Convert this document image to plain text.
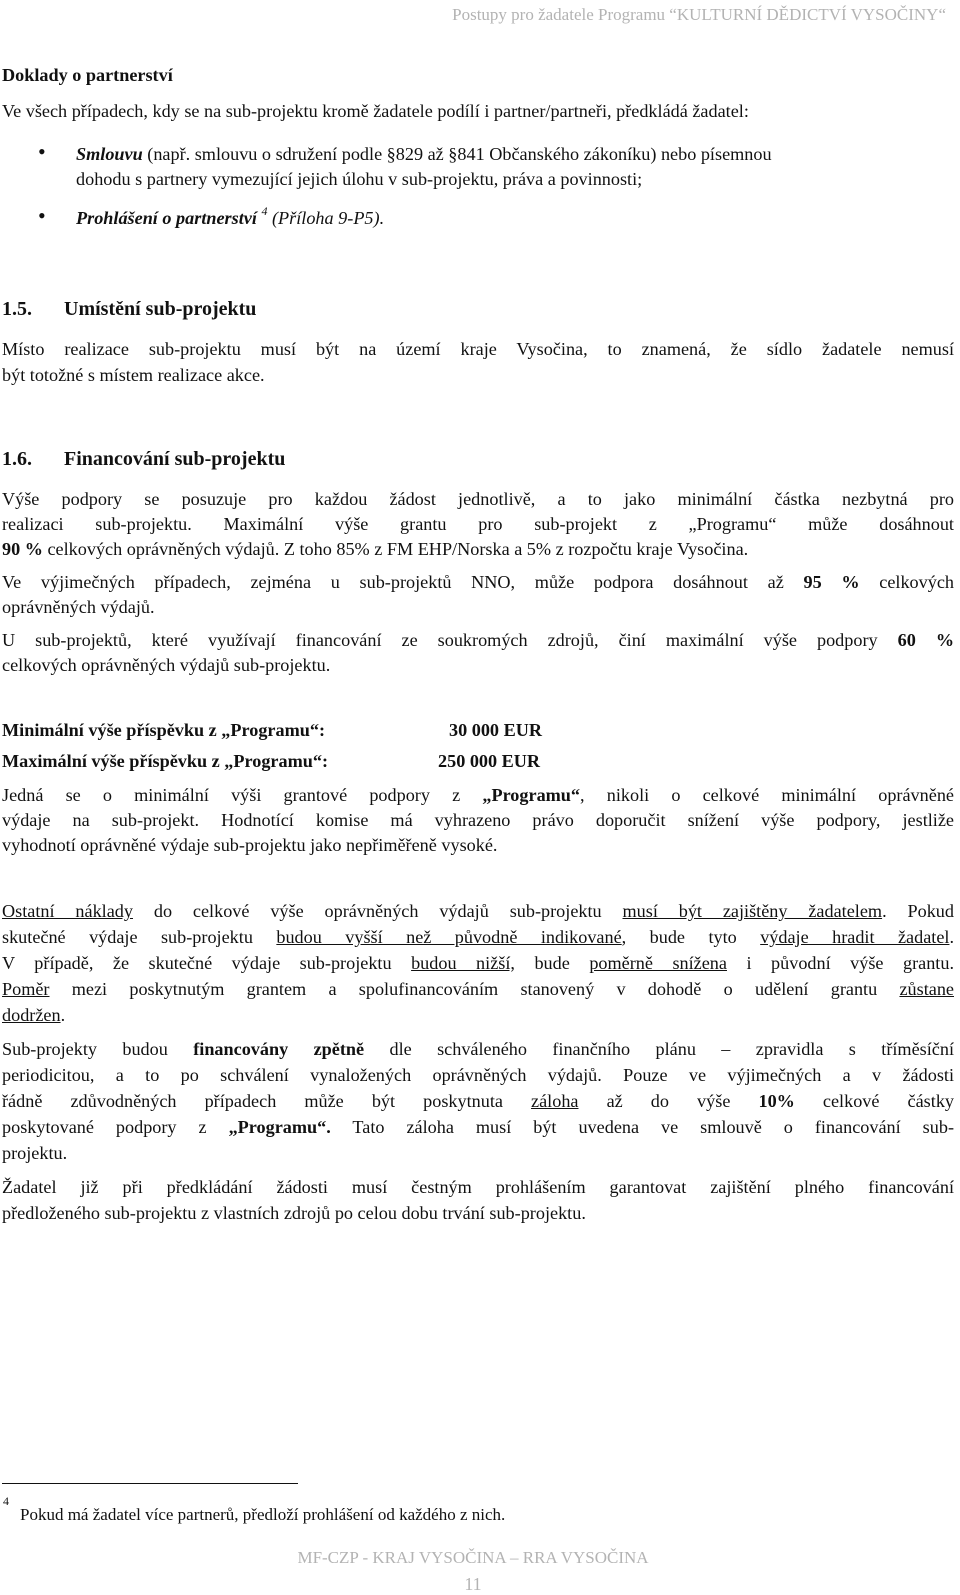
Postupy pro žadatele Programu “KULTURNÍ DĚDICTVÍ VYSOČINY“
Doklady o partnerství
Ve všech případech, kdy se na sub-projektu kromě žadatele podílí i partner/partneři, předkládá žadatel:
• Smlouvu (např. smlouvu o sdružení podle §829 až §841 Občanského zákoníku) nebo písemnou
dohodu s partnery vymezující jejich úlohu v sub-projektu, práva a povinnosti;
• Prohlášení o partnerství $^4$ (Příloha 9-P5).
1.5. Umístění sub-projektu
Místo realizace sub-projektu musí být na území kraje Vysočina, to znamená, že sídlo žadatele nemusí
být totožné s místem realizace akce.
1.6. Financování sub-projektu
Výše podpory se posuzuje pro každou žádost jednotlivě, a to jako minimální částka nezbytná pro
realizaci sub-projektu. Maximální výše grantu pro sub-projekt z „Programu“ může dosáhnout
90 % celkových oprávněných výdajů. Z toho 85% z FM EHP/Norska a 5% z rozpočtu kraje Vysočina.
Ve výjimečných případech, zejména u sub-projektů NNO, může podpora dosáhnout až 95 % celkových
oprávněných výdajů.
U sub-projektů, které využívají financování ze soukromých zdrojů, činí maximální výše podpory 60 %
celkových oprávněných výdajů sub-projektu.
Minimální výše příspěvku z „Programu“:	30 000 EUR
Maximální výše příspěvku z „Programu“:	250 000 EUR
Jedná se o minimální výši grantové podpory z „Programu“, nikoli o celkové minimální oprávněné
výdaje na sub-projekt. Hodnotící komise má vyhrazeno právo doporučit snížení výše podpory, jestliže
vyhodnotí oprávněné výdaje sub-projektu jako nepřiměřeně vysoké.
Ostatní náklady do celkové výše oprávněných výdajů sub-projektu musí být zajištěny žadatelem. Pokud
skutečné výdaje sub-projektu budou vyšší než původně indikované, bude tyto výdaje hradit žadatel.
V případě, že skutečné výdaje sub-projektu budou nižší, bude poměrně snížena i původní výše grantu.
Poměr mezi poskytnutým grantem a spolufinancováním stanovený v dohodě o udělení grantu zůstane
dodržen.
Sub-projekty budou financovány zpětně dle schváleného finančního plánu – zpravidla s tříměsíční
periodicitou, a to po schválení vynaložených oprávněných výdajů. Pouze ve výjimečných a v žádosti
řádně zdůvodněných případech může být poskytnuta záloha až do výše 10% celkové částky
poskytované podpory z „Programu“. Tato záloha musí být uvedena ve smlouvě o financování sub-
projektu.
Žadatel již při předkládání žádosti musí čestným prohlášením garantovat zajištění plného financování
předloženého sub-projektu z vlastních zdrojů po celou dobu trvání sub-projektu.
4
Pokud má žadatel více partnerů, předloží prohlášení od každého z nich.
MF-CZP - KRAJ VYSOČINA – RRA VYSOČINA
11
